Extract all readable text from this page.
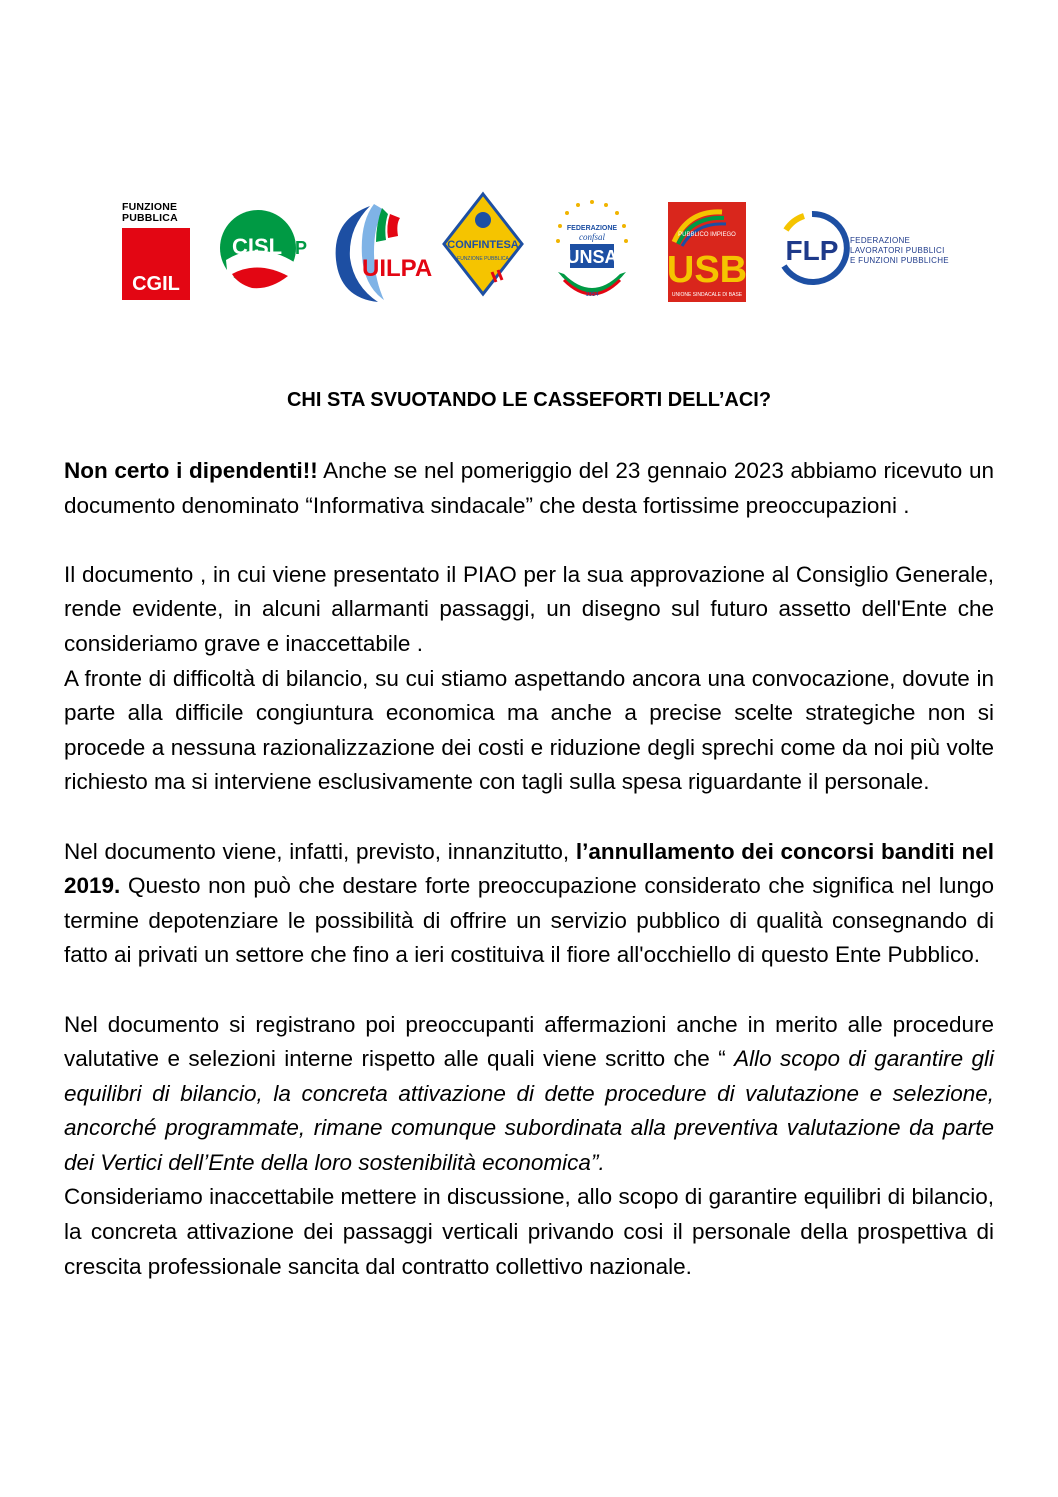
FUNZIONE PUBBLICA
CGIL
CISL FP
UILPA
CONFINTESA
FUNZIONE PUBBLICA
FEDERAZIONE
confsal
UNSA
1954
PUBBLICO IMPIEGO
USB
UNIONE SINDACALE DI BASE
FLP FEDERAZIONE
LAVORATORI PUBBLICI
E FUNZIONI PUBBLICHE
CHI STA SVUOTANDO LE CASSEFORTI DELL’ACI?

Non certo i dipendenti!! Anche se nel pomeriggio del 23 gennaio 2023 abbiamo ricevuto un documento denominato “Informativa sindacale” che desta fortissime preoccupazioni .

Il documento , in cui viene presentato il PIAO per la sua approvazione al Consiglio Generale, rende evidente, in alcuni allarmanti passaggi, un disegno sul futuro assetto dell'Ente che consideriamo grave e inaccettabile .

A fronte di difficoltà di bilancio, su cui stiamo aspettando ancora una convocazione, dovute in parte alla difficile congiuntura economica ma anche a precise scelte strategiche non si procede a nessuna razionalizzazione dei costi e riduzione degli sprechi come da noi più volte richiesto ma si interviene esclusivamente con tagli sulla spesa riguardante il personale.

Nel documento viene, infatti, previsto, innanzitutto, l’annullamento dei concorsi banditi nel 2019. Questo non può che destare forte preoccupazione considerato che significa nel lungo termine depotenziare le possibilità di offrire un servizio pubblico di qualità consegnando di fatto ai privati un settore che fino a ieri costituiva il fiore all'occhiello di questo Ente Pubblico.

Nel documento si registrano poi preoccupanti affermazioni anche in merito alle procedure valutative e selezioni interne rispetto alle quali viene scritto che “ Allo scopo di garantire gli equilibri di bilancio, la concreta attivazione di dette procedure di valutazione e selezione, ancorché programmate, rimane comunque subordinata alla preventiva valutazione da parte dei Vertici dell’Ente della loro sostenibilità economica”.

Consideriamo inaccettabile mettere in discussione, allo scopo di garantire equilibri di bilancio, la concreta attivazione dei passaggi verticali privando cosi il personale della prospettiva di crescita professionale sancita dal contratto collettivo nazionale.
